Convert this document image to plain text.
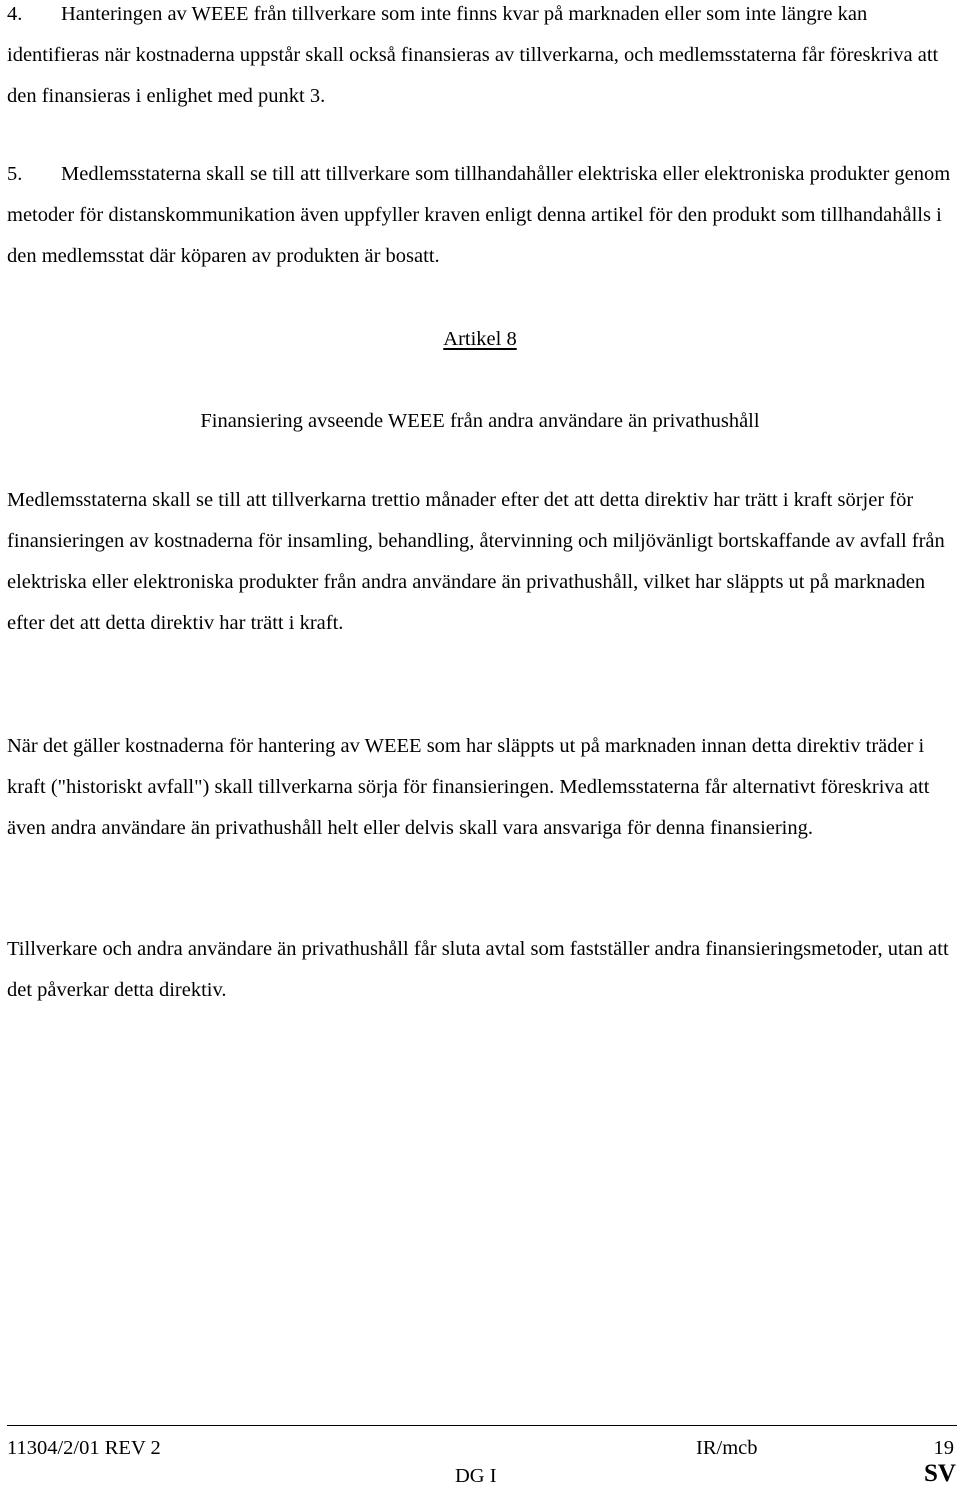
4. Hanteringen av WEEE från tillverkare som inte finns kvar på marknaden eller som inte längre kan identifieras när kostnaderna uppstår skall också finansieras av tillverkarna, och medlemsstaterna får föreskriva att den finansieras i enlighet med punkt 3.
5. Medlemsstaterna skall se till att tillverkare som tillhandahåller elektriska eller elektroniska produkter genom metoder för distanskommunikation även uppfyller kraven enligt denna artikel för den produkt som tillhandahålls i den medlemsstat där köparen av produkten är bosatt.
Artikel 8
Finansiering avseende WEEE från andra användare än privathushåll

Medlemsstaterna skall se till att tillverkarna trettio månader efter det att detta direktiv har trätt i kraft sörjer för finansieringen av kostnaderna för insamling, behandling, återvinning och miljövänligt bortskaffande av avfall från elektriska eller elektroniska produkter från andra användare än privathushåll, vilket har släppts ut på marknaden efter det att detta direktiv har trätt i kraft.

När det gäller kostnaderna för hantering av WEEE som har släppts ut på marknaden innan detta direktiv träder i kraft ("historiskt avfall") skall tillverkarna sörja för finansieringen. Medlemsstaterna får alternativt föreskriva att även andra användare än privathushåll helt eller delvis skall vara ansvariga för denna finansiering.

Tillverkare och andra användare än privathushåll får sluta avtal som fastställer andra finansieringsmetoder, utan att det påverkar detta direktiv.

11304/2/01 REV 2	IR/mcb	19
DG I	SV
